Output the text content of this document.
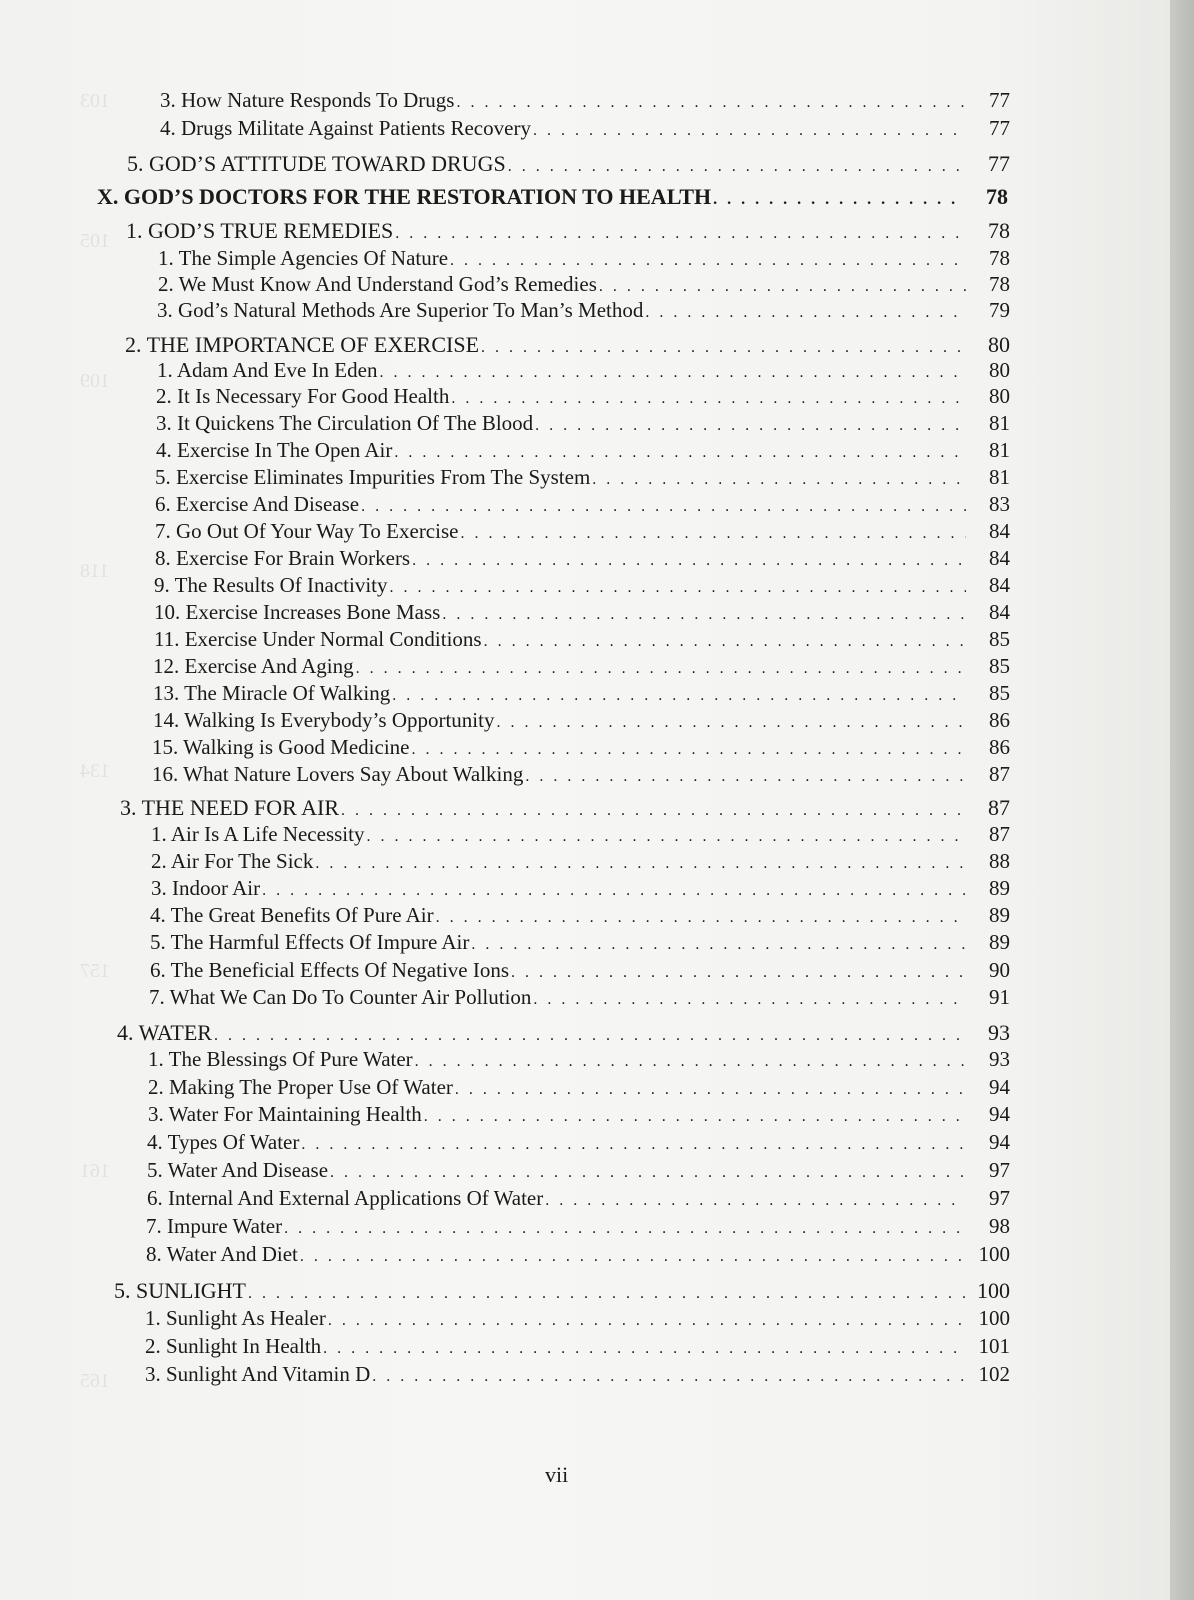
103
105
109
118
134
157
161
165
3. How Nature Responds To Drugs . . .	77
4. Drugs Militate Against Patients Recovery . . .	77
5. GOD’S ATTITUDE TOWARD DRUGS . . .	77
X. GOD’S DOCTORS FOR THE RESTORATION TO HEALTH . . .	78
1. GOD’S TRUE REMEDIES . . .	78
1. The Simple Agencies Of Nature . . .	78
2. We Must Know And Understand God’s Remedies . . .	78
3. God’s Natural Methods Are Superior To Man’s Method . . .	79
2. THE IMPORTANCE OF EXERCISE . . .	80
1. Adam And Eve In Eden . . .	80
2. It Is Necessary For Good Health . . .	80
3. It Quickens The Circulation Of The Blood . . .	81
4. Exercise In The Open Air . . .	81
5. Exercise Eliminates Impurities From The System . . .	81
6. Exercise And Disease . . .	83
7. Go Out Of Your Way To Exercise . . .	84
8. Exercise For Brain Workers . . .	84
9. The Results Of Inactivity . . .	84
10. Exercise Increases Bone Mass . . .	84
11. Exercise Under Normal Conditions . . .	85
12. Exercise And Aging . . .	85
13. The Miracle Of Walking . . .	85
14. Walking Is Everybody’s Opportunity . . .	86
15. Walking is Good Medicine . . .	86
16. What Nature Lovers Say About Walking . . .	87
3. THE NEED FOR AIR . . .	87
1. Air Is A Life Necessity . . .	87
2. Air For The Sick . . .	88
3. Indoor Air . . .	89
4. The Great Benefits Of Pure Air . . .	89
5. The Harmful Effects Of Impure Air . . .	89
6. The Beneficial Effects Of Negative Ions . . .	90
7. What We Can Do To Counter Air Pollution . . .	91
4. WATER . . .	93
1. The Blessings Of Pure Water . . .	93
2. Making The Proper Use Of Water . . .	94
3. Water For Maintaining Health . . .	94
4. Types Of Water . . .	94
5. Water And Disease . . .	97
6. Internal And External Applications Of Water . . .	97
7. Impure Water . . .	98
8. Water And Diet . . .	100
5. SUNLIGHT . . .	100
1. Sunlight As Healer . . .	100
2. Sunlight In Health . . .	101
3. Sunlight And Vitamin D . . .	102
vii
